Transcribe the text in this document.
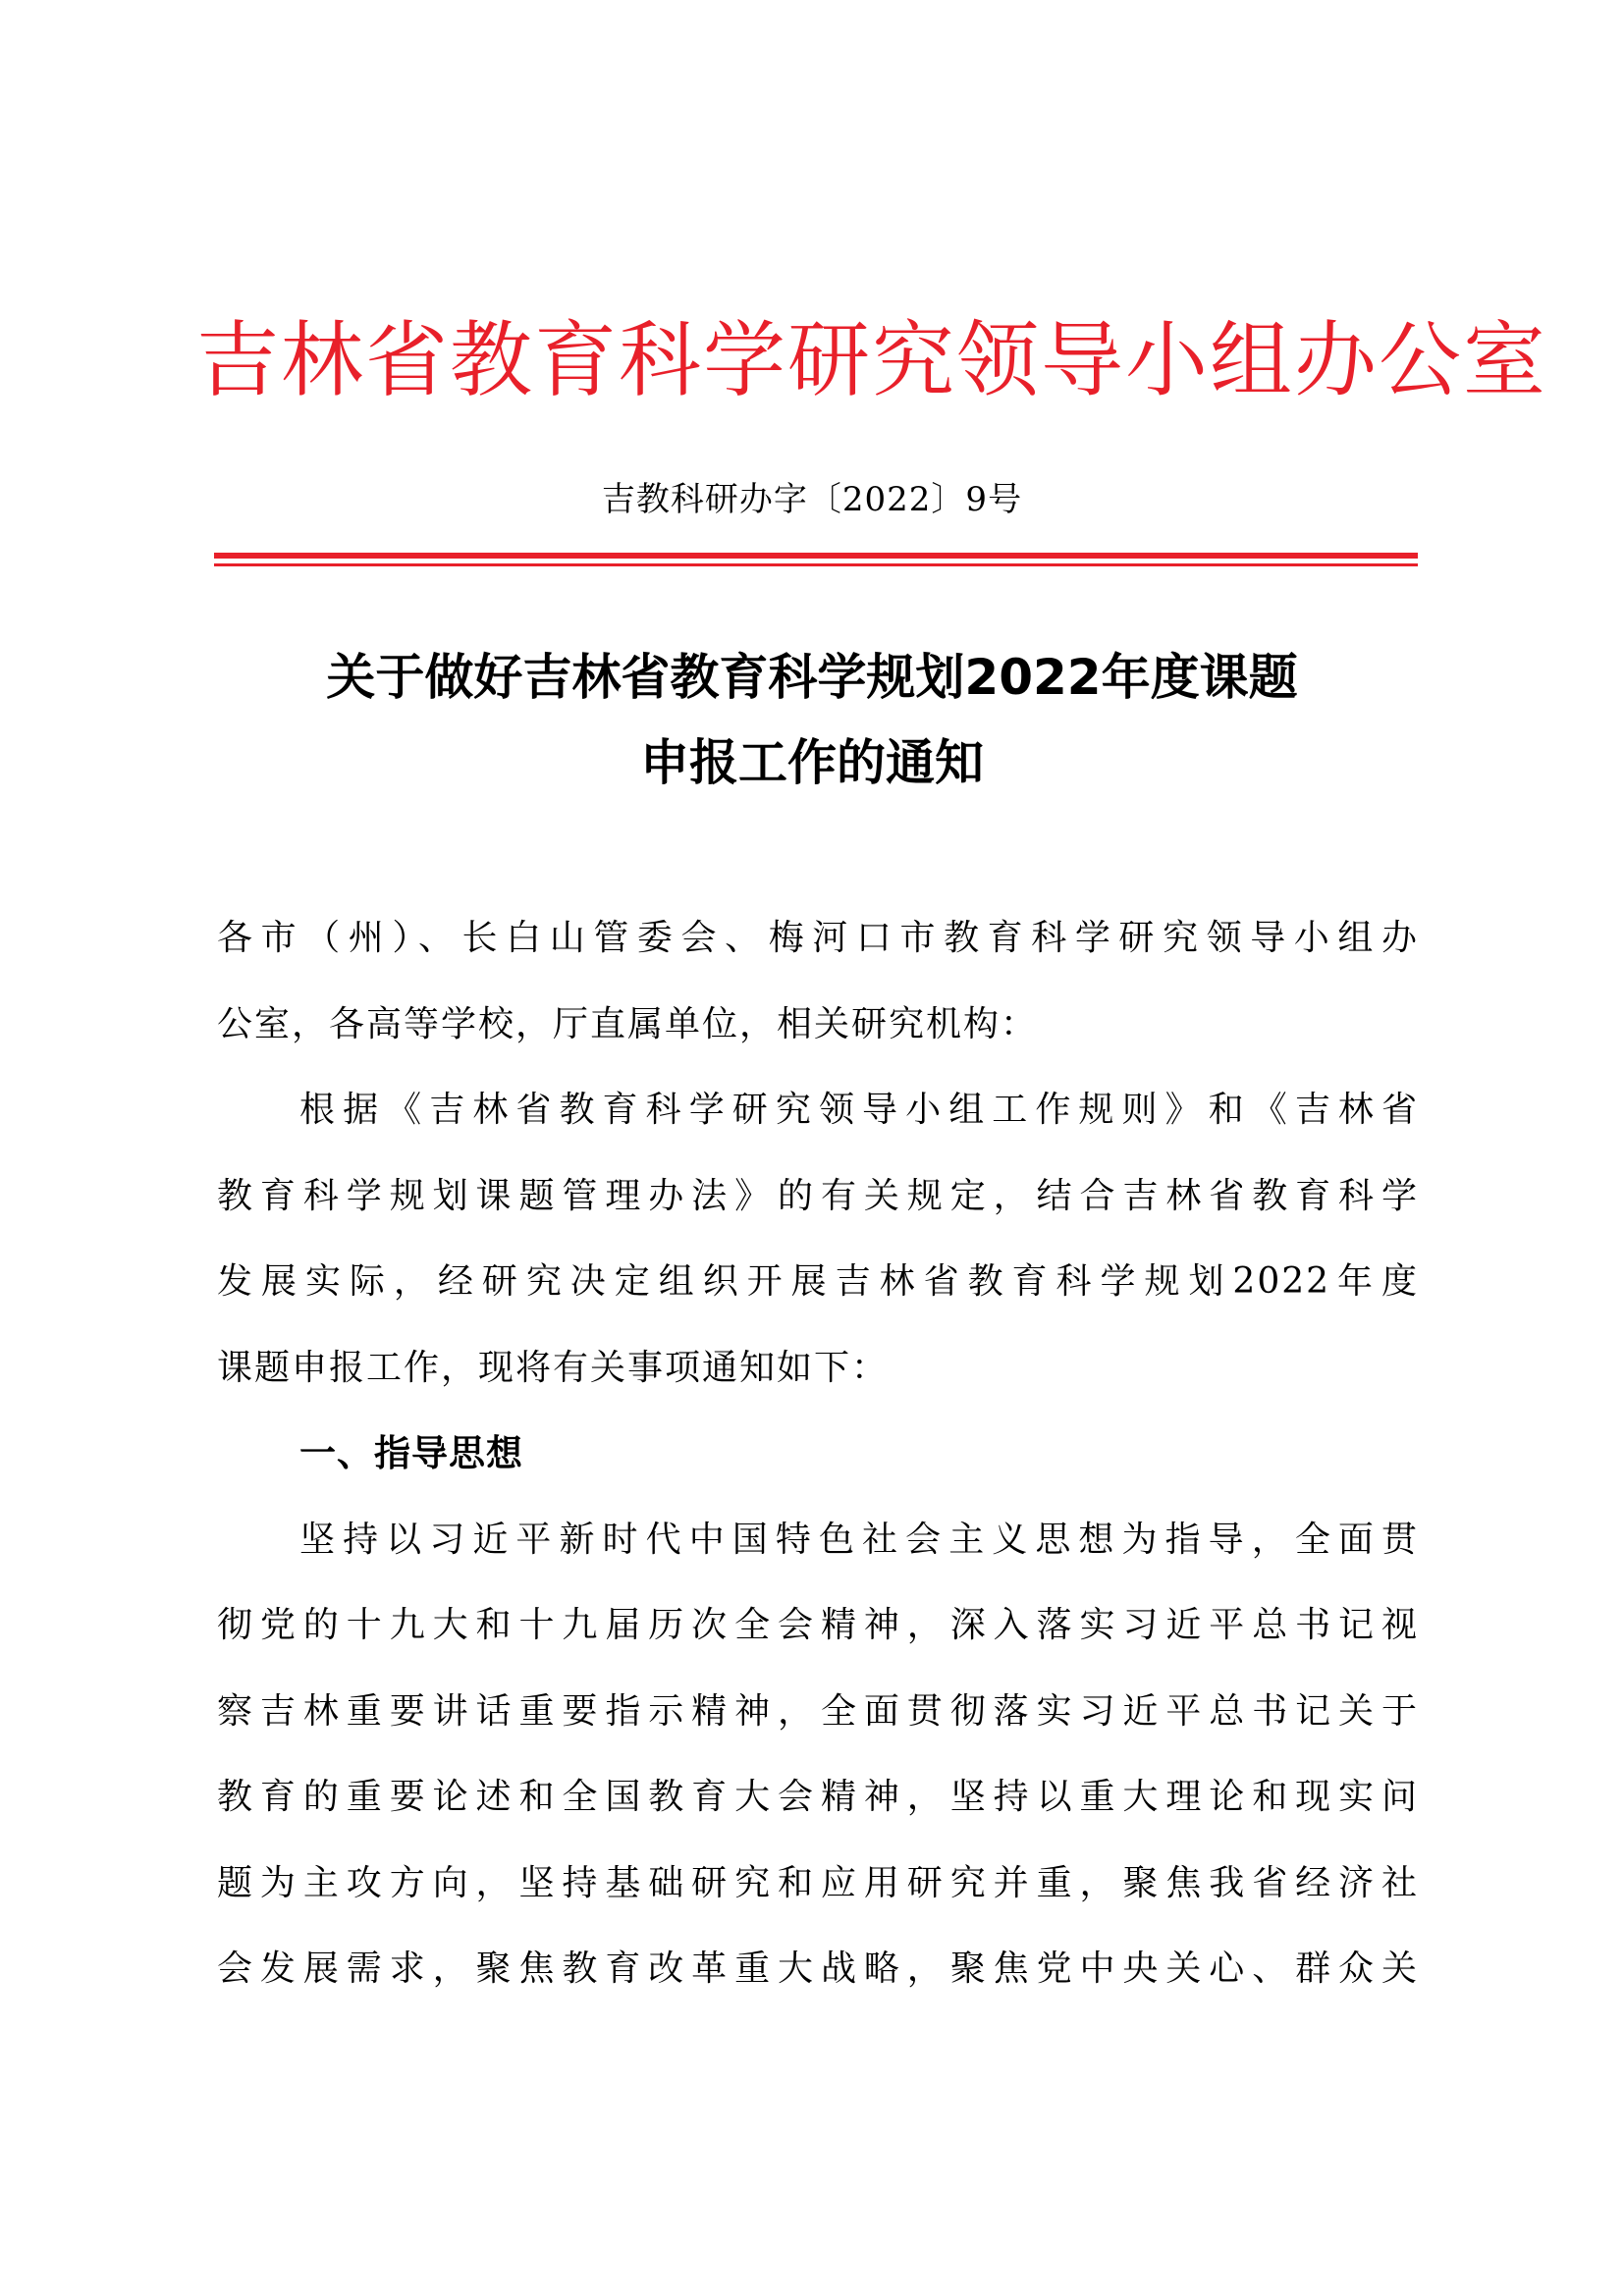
吉林省教育科学研究领导小组办公室
吉教科研办字〔2022〕9号
关于做好吉林省教育科学规划2022年度课题
申报工作的通知
各市（州）、长白山管委会、梅河口市教育科学研究领导小组办
公室，各高等学校，厅直属单位，相关研究机构：
根据《吉林省教育科学研究领导小组工作规则》和《吉林省
教育科学规划课题管理办法》的有关规定，结合吉林省教育科学
发展实际，经研究决定组织开展吉林省教育科学规划2022年度
课题申报工作，现将有关事项通知如下：
一、指导思想
坚持以习近平新时代中国特色社会主义思想为指导，全面贯
彻党的十九大和十九届历次全会精神，深入落实习近平总书记视
察吉林重要讲话重要指示精神，全面贯彻落实习近平总书记关于
教育的重要论述和全国教育大会精神，坚持以重大理论和现实问
题为主攻方向，坚持基础研究和应用研究并重，聚焦我省经济社
会发展需求，聚焦教育改革重大战略，聚焦党中央关心、群众关
